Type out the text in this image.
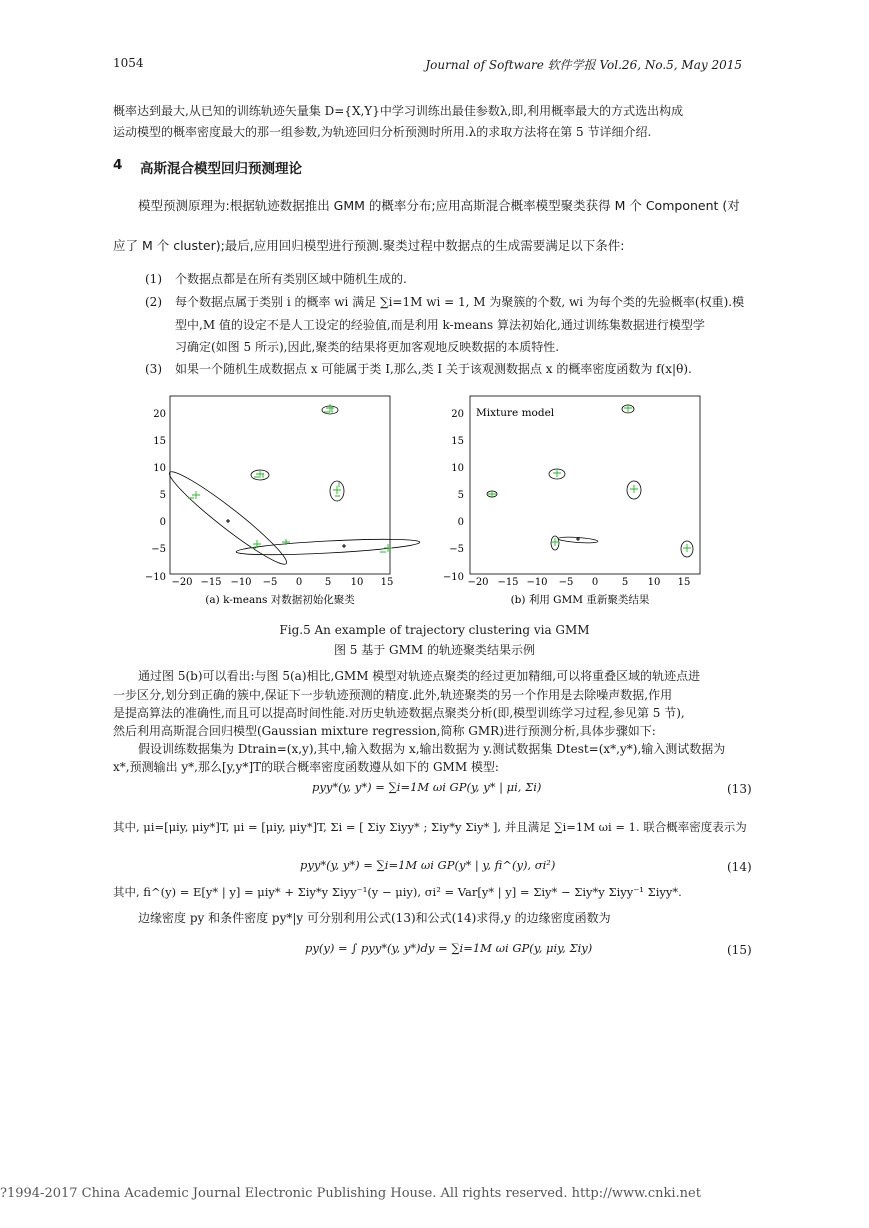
1054	Journal of Software 软件学报 Vol.26, No.5, May 2015
概率达到最大,从已知的训练轨迹矢量集 D={X,Y}中学习训练出最佳参数λ,即,利用概率最大的方式选出构成
运动模型的概率密度最大的那一组参数,为轨迹回归分析预测时所用.λ的求取方法将在第 5 节详细介绍.
4 高斯混合模型回归预测理论
模型预测原理为:根据轨迹数据推出 GMM 的概率分布;应用高斯混合概率模型聚类获得 M 个 Component (对
应了 M 个 cluster);最后,应用回归模型进行预测.聚类过程中数据点的生成需要满足以下条件:
(1) 个数据点都是在所有类别区域中随机生成的.
(2) 每个数据点属于类别 i 的概率 wi 满足 ∑i=1M wi = 1, M 为聚簇的个数, wi 为每个类的先验概率(权重).模
型中,M 值的设定不是人工设定的经验值,而是利用 k-means 算法初始化,通过训练集数据进行模型学
习确定(如图 5 所示),因此,聚类的结果将更加客观地反映数据的本质特性.
(3) 如果一个随机生成数据点 x 可能属于类 I,那么,类 I 关于该观测数据点 x 的概率密度函数为 f(x|θ).
20
15
10
5
0
−5
−10 −20 −15 −10 −5 0 5 10 15
Mixture model
20
15
10
5
0
−5
−10 −20 −15 −10 −5 0 5 10 15
(a) k-means 对数据初始化聚类	(b) 利用 GMM 重新聚类结果
Fig.5 An example of trajectory clustering via GMM
图 5 基于 GMM 的轨迹聚类结果示例
通过图 5(b)可以看出:与图 5(a)相比,GMM 模型对轨迹点聚类的经过更加精细,可以将重叠区域的轨迹点进
一步区分,划分到正确的簇中,保证下一步轨迹预测的精度.此外,轨迹聚类的另一个作用是去除噪声数据,作用
是提高算法的准确性,而且可以提高时间性能.对历史轨迹数据点聚类分析(即,模型训练学习过程,参见第 5 节),
然后利用高斯混合回归模型(Gaussian mixture regression,简称 GMR)进行预测分析,具体步骤如下:
假设训练数据集为 Dtrain=(x,y),其中,输入数据为 x,输出数据为 y.测试数据集 Dtest=(x*,y*),输入测试数据为
x*,预测输出 y*,那么[y,y*]T的联合概率密度函数遵从如下的 GMM 模型:
pyy*(y, y*) = ∑i=1M ωi GP(y, y* | μi, Σi)	(13)
其中, μi=[μiy, μiy*]T, μi = [μiy, μiy*]T, Σi = [ Σiy Σiyy* ; Σiy*y Σiy* ], 并且满足 ∑i=1M ωi = 1. 联合概率密度表示为
pyy*(y, y*) = ∑i=1M ωi GP(y* | y, fi^(y), σi²)	(14)
其中, fi^(y) = E[y* | y] = μiy* + Σiy*y Σiyy⁻¹(y − μiy), σi² = Var[y* | y] = Σiy* − Σiy*y Σiyy⁻¹ Σiyy*.
边缘密度 py 和条件密度 py*|y 可分别利用公式(13)和公式(14)求得,y 的边缘密度函数为
py(y) = ∫ pyy*(y, y*)dy = ∑i=1M ωi GP(y, μiy, Σiy)	(15)
?1994-2017 China Academic Journal Electronic Publishing House. All rights reserved. http://www.cnki.net
